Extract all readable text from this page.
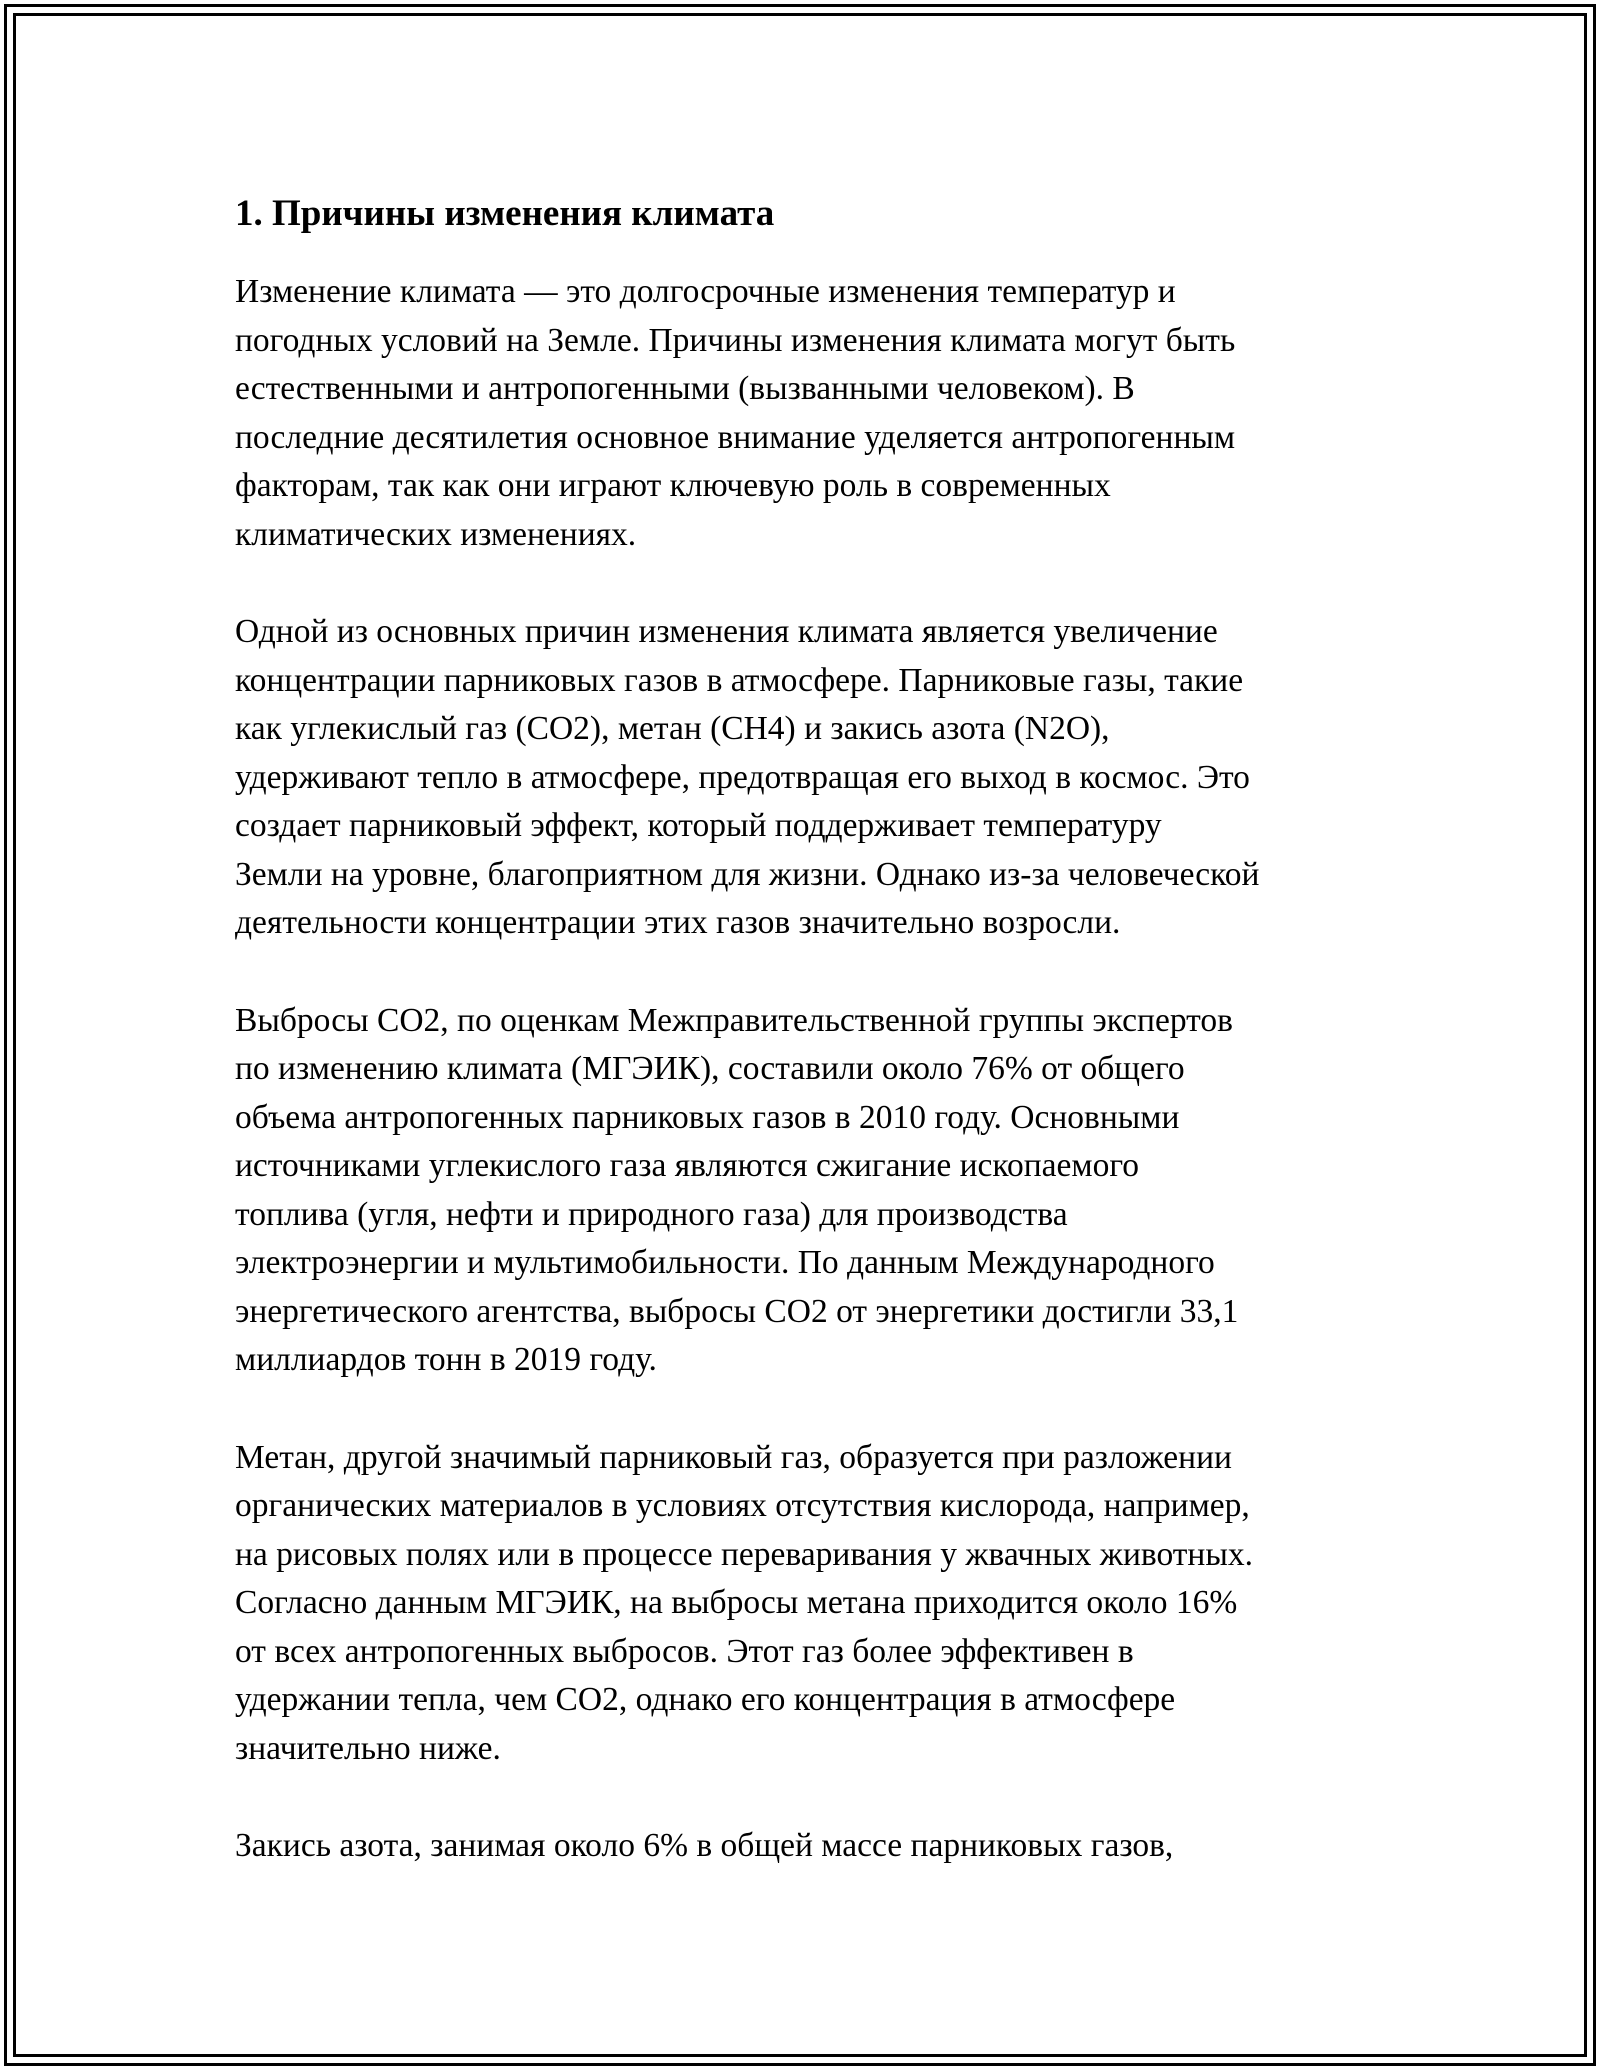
1. Причины изменения климата

Изменение климата — это долгосрочные изменения температур и
погодных условий на Земле. Причины изменения климата могут быть
естественными и антропогенными (вызванными человеком). В
последние десятилетия основное внимание уделяется антропогенным
факторам, так как они играют ключевую роль в современных
климатических изменениях.

Одной из основных причин изменения климата является увеличение
концентрации парниковых газов в атмосфере. Парниковые газы, такие
как углекислый газ (CO2), метан (CH4) и закись азота (N2O),
удерживают тепло в атмосфере, предотвращая его выход в космос. Это
создает парниковый эффект, который поддерживает температуру
Земли на уровне, благоприятном для жизни. Однако из-за человеческой
деятельности концентрации этих газов значительно возросли.

Выбросы CO2, по оценкам Межправительственной группы экспертов
по изменению климата (МГЭИК), составили около 76% от общего
объема антропогенных парниковых газов в 2010 году. Основными
источниками углекислого газа являются сжигание ископаемого
топлива (угля, нефти и природного газа) для производства
электроэнергии и мультимобильности. По данным Международного
энергетического агентства, выбросы CO2 от энергетики достигли 33,1
миллиардов тонн в 2019 году.

Метан, другой значимый парниковый газ, образуется при разложении
органических материалов в условиях отсутствия кислорода, например,
на рисовых полях или в процессе переваривания у жвачных животных.
Согласно данным МГЭИК, на выбросы метана приходится около 16%
от всех антропогенных выбросов. Этот газ более эффективен в
удержании тепла, чем CO2, однако его концентрация в атмосфере
значительно ниже.

Закись азота, занимая около 6% в общей массе парниковых газов,
